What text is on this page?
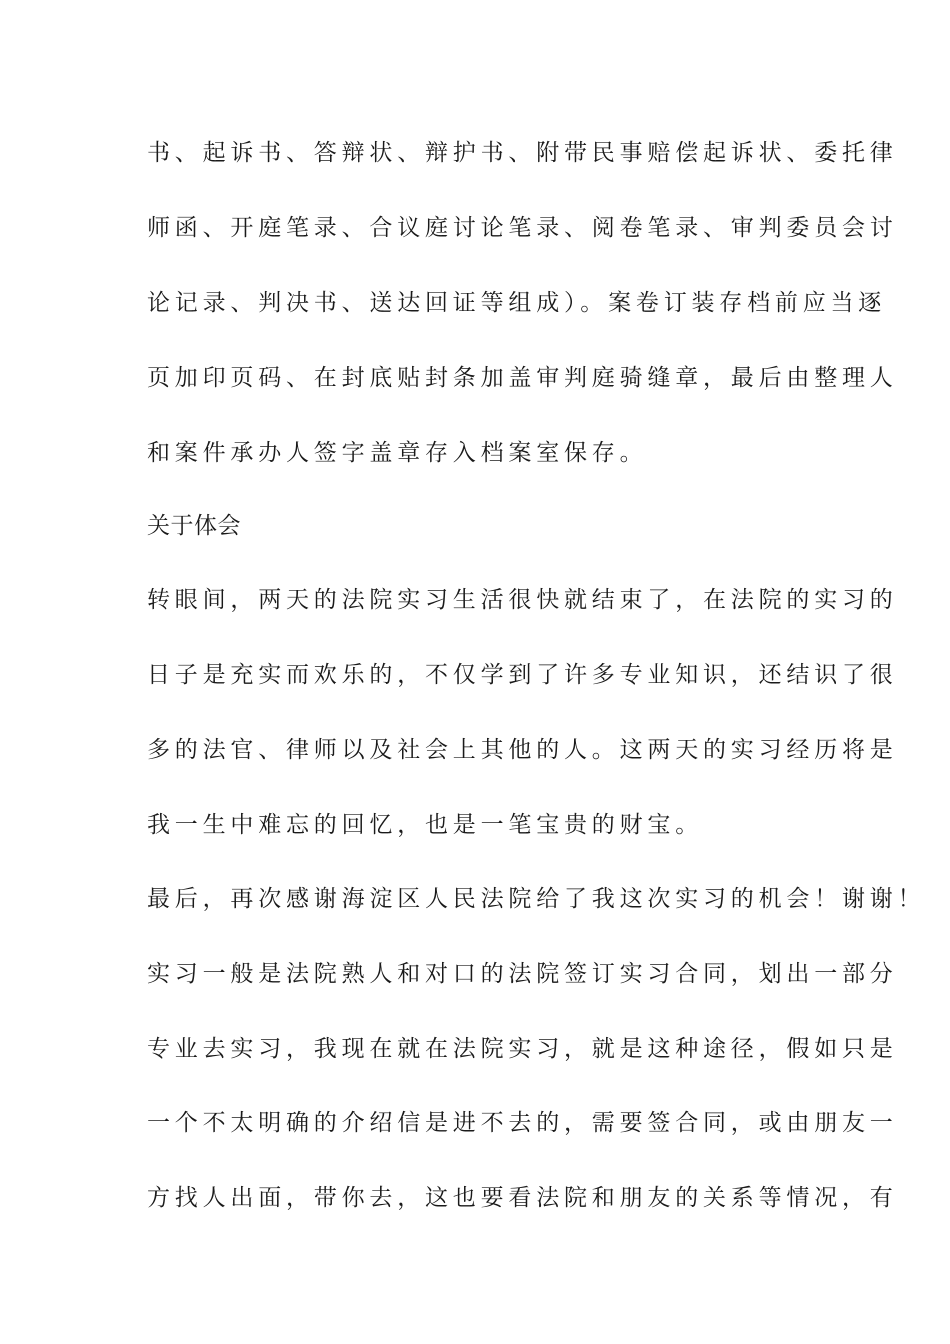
书、起诉书、答辩状、辩护书、附带民事赔偿起诉状、委托律
师函、开庭笔录、合议庭讨论笔录、阅卷笔录、审判委员会讨
论记录、判决书、送达回证等组成）。案卷订装存档前应当逐
页加印页码、在封底贴封条加盖审判庭骑缝章，最后由整理人
和案件承办人签字盖章存入档案室保存。
关于体会
转眼间，两天的法院实习生活很快就结束了，在法院的实习的
日子是充实而欢乐的，不仅学到了许多专业知识，还结识了很
多的法官、律师以及社会上其他的人。这两天的实习经历将是
我一生中难忘的回忆，也是一笔宝贵的财宝。
最后，再次感谢海淀区人民法院给了我这次实习的机会！谢谢！
实习一般是法院熟人和对口的法院签订实习合同，划出一部分
专业去实习，我现在就在法院实习，就是这种途径，假如只是
一个不太明确的介绍信是进不去的，需要签合同，或由朋友一
方找人出面，带你去，这也要看法院和朋友的关系等情况，有
